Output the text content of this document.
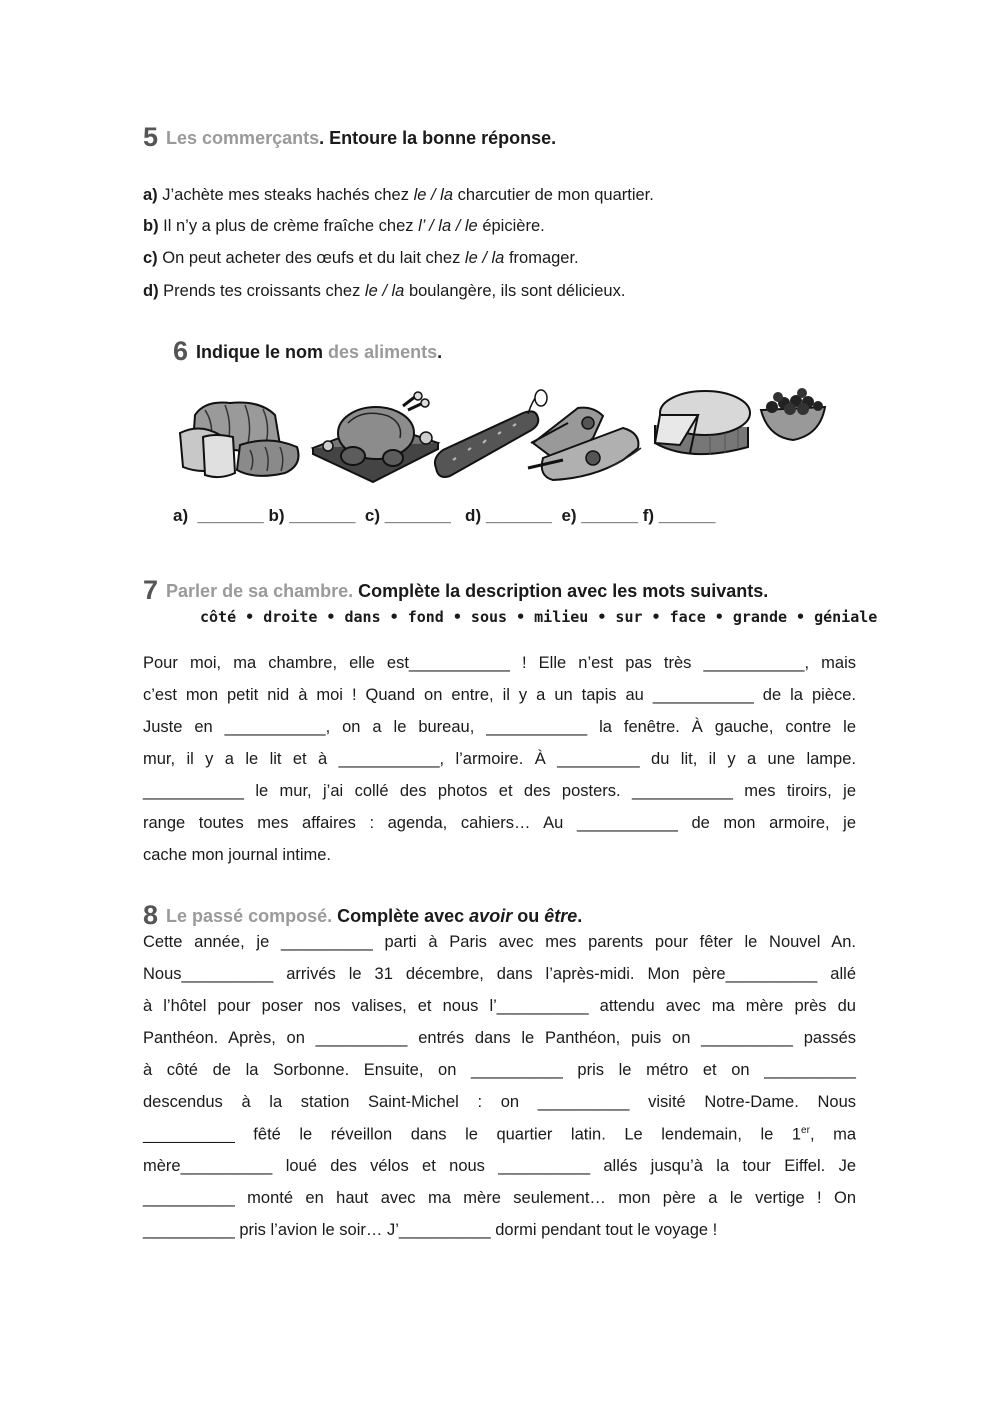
5 Les commerçants. Entoure la bonne réponse.
a) J’achète mes steaks hachés chez le / la charcutier de mon quartier.
b) Il n’y a plus de crème fraîche chez l’ / la / le épicière.
c) On peut acheter des œufs et du lait chez le / la fromager.
d) Prends tes croissants chez le / la boulangère, ils sont délicieux.
6 Indique le nom des aliments.
a)  _______ b) _______  c) _______   d) _______  e) ______ f) ______
7 Parler de sa chambre. Complète la description avec les mots suivants.
côté • droite • dans • fond • sous • milieu • sur • face • grande • géniale
Pour moi, ma chambre, elle est___________ ! Elle n’est pas très ___________, mais
c’est mon petit nid à moi ! Quand on entre, il y a un tapis au ___________ de la pièce.
Juste en ___________, on a le bureau, ___________ la fenêtre. À gauche, contre le
mur, il y a le lit et à ___________, l’armoire. À _________ du lit, il y a une lampe.
___________ le mur, j’ai collé des photos et des posters. ___________ mes tiroirs, je
range toutes mes affaires : agenda, cahiers… Au ___________ de mon armoire, je
cache mon journal intime.
8 Le passé composé. Complète avec avoir ou être.
Cette année, je __________ parti à Paris avec mes parents pour fêter le Nouvel An.
Nous__________ arrivés le 31 décembre, dans l’après-midi. Mon père__________ allé
à l’hôtel pour poser nos valises, et nous l’__________ attendu avec ma mère près du
Panthéon. Après, on __________ entrés dans le Panthéon, puis on __________ passés
à côté de la Sorbonne. Ensuite, on __________ pris le métro et on __________
descendus à la station Saint-Michel : on __________ visité Notre-Dame. Nous
__________ fêté le réveillon dans le quartier latin. Le lendemain, le 1er, ma
mère__________ loué des vélos et nous __________ allés jusqu’à la tour Eiffel. Je
__________ monté en haut avec ma mère seulement… mon père a le vertige ! On
__________ pris l’avion le soir… J’__________ dormi pendant tout le voyage !
